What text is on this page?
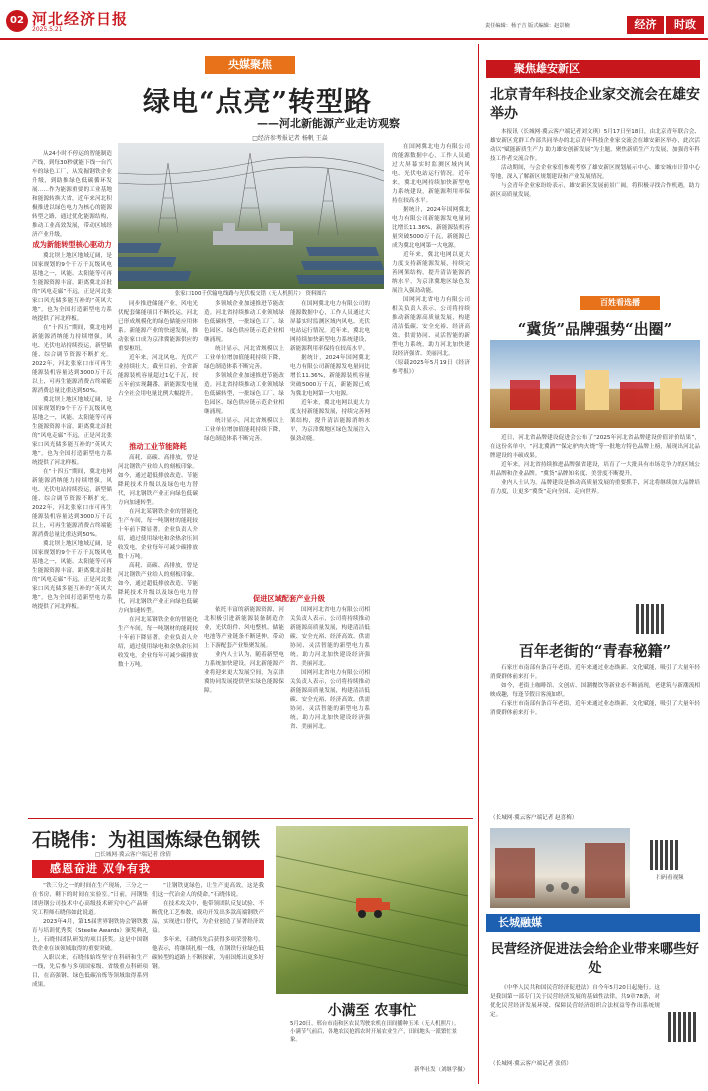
02 河北经济日报
2025.5.21	责任编辑：杨子吉 版式编辑：赵景楠	经济	时政
央媒聚焦
绿电“点亮”转型路
——河北新能源产业走访观察
□经济参考报记者 杨帆 王焱
张家口100千伏输电线路与光伏板交错（无人机照片） 资料图片

从24小时不停运的智能制造产线，到每30秒就能下线一台汽车的绿色工厂，从发掘钢铁企业升级，到助推绿色低碳循环发展……作为能源重要的工业基地和能源转换大省，近年来河北积极推进以绿色电力为核心的能源转型之路，通过优化能源结构，推动工业高效发展，带动区域经济产业升级。

成为新能转型核心驱动力

冀北坝上地区地域辽阔，是国家规划的9个千万千瓦级风电基地之一，风能、太阳能等可再生能源资源丰富。距离冀北首批的“风电走廊”不远，正是河北张家口风光储多能互补的“英风大地”，也为全国打造新型电力系统提供了河北样板。

在“十四五”期间，冀北电网新能源消纳能力持续增强，风电、光伏电站持续投运，新型储能、综合调节资源不断扩充。2022年，河北张家口市可再生能源装机容量达到3000万千瓦以上，可再生能源消费占终端能源消费总量比重达到50%。

冀北坝上地区地域辽阔，是国家规划的9个千万千瓦级风电基地之一，风能、太阳能等可再生能源资源丰富。距离冀北首批的“风电走廊”不远，正是河北张家口风光储多能互补的“英风大地”，也为全国打造新型电力系统提供了河北样板。

在“十四五”期间，冀北电网新能源消纳能力持续增强，风电、光伏电站持续投运，新型储能、综合调节资源不断扩充。2022年，河北张家口市可再生能源装机容量达到3000万千瓦以上，可再生能源消费占终端能源消费总量比重达到50%。

冀北坝上地区地域辽阔，是国家规划的9个千万千瓦级风电基地之一，风能、太阳能等可再生能源资源丰富。距离冀北首批的“风电走廊”不远，正是河北张家口风光储多能互补的“英风大地”，也为全国打造新型电力系统提供了河北样板。

同步推进储能产业，风电光伏配套储能项目不断投运，河北已形成规模化的绿色储能应用体系。新能源产业的快速发展，推动张家口成为京津冀能源供应的重要枢纽。

近年来，河北风电、光伏产业持续壮大。截至目前，全省新能源装机容量超过1亿千瓦，较五年前实现翻番，新能源发电量占全社会用电量比例大幅提升。

推动工业节能降耗

高耗、高碳、高排放，曾是河北钢铁产业给人的刻板印象。如今，通过超低排放改造、节能降耗技术升级以及绿色电力替代，河北钢铁产业正向绿色低碳方向加速转型。

在河北某钢铁企业的智能化生产车间，每一吨钢材的能耗较十年前下降显著。企业负责人介绍，通过使用绿电和余热余压回收发电，企业每年可减少碳排放数十万吨。

高耗、高碳、高排放，曾是河北钢铁产业给人的刻板印象。如今，通过超低排放改造、节能降耗技术升级以及绿色电力替代，河北钢铁产业正向绿色低碳方向加速转型。

在河北某钢铁企业的智能化生产车间，每一吨钢材的能耗较十年前下降显著。企业负责人介绍，通过使用绿电和余热余压回收发电，企业每年可减少碳排放数十万吨。

多领域企业加速推进节能改造。河北省持续推动工业领域绿色低碳转型，一批绿色工厂、绿色园区、绿色供应链示范企业相继涌现。

统计显示，河北省规模以上工业单位增加值能耗持续下降，绿色制造体系不断完善。

多领域企业加速推进节能改造。河北省持续推动工业领域绿色低碳转型，一批绿色工厂、绿色园区、绿色供应链示范企业相继涌现。

统计显示，河北省规模以上工业单位增加值能耗持续下降，绿色制造体系不断完善。

促进区域配套产业升级

依托丰富的新能源资源，河北积极引进新能源装备制造企业，光伏组件、风电整机、储能电池等产业链条不断延伸，带动上下游配套产业集聚发展。

业内人士认为，随着新型电力系统加快建设，河北新能源产业将迎来更大发展空间，为京津冀协同发展提供坚实绿色能源保障。

在国网冀北电力有限公司的能源数据中心，工作人员通过大屏幕实时监测区域内风电、光伏电站运行情况。近年来，冀北电网持续加快新型电力系统建设，新能源利用率保持在较高水平。

据统计，2024年国网冀北电力有限公司新能源发电量同比增长11.36%，新能源装机容量突破5000万千瓦，新能源已成为冀北电网第一大电源。

近年来，冀北电网以更大力度支持新能源发展，持续完善网架结构，提升清洁能源消纳水平，为京津冀地区绿色发展注入强劲动能。

国网河北省电力有限公司相关负责人表示，公司将持续推动新能源高质量发展，构建清洁低碳、安全充裕、经济高效、供需协同、灵活智能的新型电力系统，助力河北加快建设经济强省、美丽河北。

国网河北省电力有限公司相关负责人表示，公司将持续推动新能源高质量发展，构建清洁低碳、安全充裕、经济高效、供需协同、灵活智能的新型电力系统，助力河北加快建设经济强省、美丽河北。

在国网冀北电力有限公司的能源数据中心，工作人员通过大屏幕实时监测区域内风电、光伏电站运行情况。近年来，冀北电网持续加快新型电力系统建设，新能源利用率保持在较高水平。

据统计，2024年国网冀北电力有限公司新能源发电量同比增长11.36%，新能源装机容量突破5000万千瓦，新能源已成为冀北电网第一大电源。

近年来，冀北电网以更大力度支持新能源发展，持续完善网架结构，提升清洁能源消纳水平，为京津冀地区绿色发展注入强劲动能。

国网河北省电力有限公司相关负责人表示，公司将持续推动新能源高质量发展，构建清洁低碳、安全充裕、经济高效、供需协同、灵活智能的新型电力系统，助力河北加快建设经济强省、美丽河北。

（原载2025年5月19日《经济参考报》）

石晓伟：为祖国炼绿色钢铁
□长城网·冀云客户端记者 徐倩
感恩奋进 双争有我

“铁三分之一的时间在生产现场，三分之一在书房，剩下的时间在实验室。”日前，河钢集团唐钢公司技术中心高级技术研究中心产品研究工程师石晓伟如此说道。

2023年4月，第15届世界钢铁协会钢铁教育与培训优秀奖（Steelie Awards）颁奖典礼上，石晓伟团队研发的项目获奖。这是中国钢铁企业在该领域取得的重要突破。

入职以来，石晓伟始终坚守在科研和生产一线，先后参与多项国家级、省级重点科研项目，在高强钢、绿色低碳冶炼等领域取得系列成果。

“让钢铁更绿色，让生产更高效，这是我们这一代冶金人的使命。”石晓伟说。

在技术攻关中，他带领团队反复试验、不断优化工艺参数，成功开发出多款高端钢铁产品，实现进口替代，为企业创造了显著经济效益。

多年来，石晓伟先后获得多项荣誉称号。他表示，将继续扎根一线，在钢铁行业绿色低碳转型的道路上不断探索，为祖国炼出更多好钢。

小满至 农事忙
5月20日，邢台市南和区农民驾驶农机在田间播种玉米（无人机照片）。小满节气前后，各地农民抢抓农时开展农业生产，田间地头一派繁忙景象。
新华社发（刘继学摄）
聚焦雄安新区
北京青年科技企业家交流会在雄安举办

本报讯（长城网·冀云客户端记者刘文琪）5月17日至18日，由北京青年联合会、雄安新区党群工作部共同举办的北京青年科技企业家交流会在雄安新区举办，此次活动以“赋能新质生产力 助力雄安创新发展”为主题，聚焦新质生产力发展，加强青年科技工作者交流合作。

活动期间，与会企业家们参观考察了雄安新区规划展示中心、雄安城市计算中心等地，深入了解新区规划建设和产业发展情况。

与会青年企业家纷纷表示，雄安新区发展前景广阔，将积极寻找合作机遇，助力新区高质量发展。

百姓看选播
“冀货”品牌强势“出圈”

近日，河北省品牌建设促进会公布了“2025年河北省品牌建设价值评价结果”，在这份名单中，“河北冀酒”“保定驴肉火烧”等一批地方特色品牌上榜，展现出河北品牌建设的丰硕成果。

近年来，河北省持续推进品牌强省建设，培育了一大批具有市场竞争力的区域公用品牌和企业品牌。“冀货”品牌知名度、美誉度不断提升。

业内人士认为，品牌建设是推动高质量发展的重要抓手，河北将继续加大品牌培育力度，让更多“冀货”走向全国、走向世界。

百年老街的“青春秘籍”

石家庄市南部有条百年老街，近年来通过业态焕新、文化赋能，吸引了大量年轻消费群体前来打卡。

如今，老街上咖啡馆、文创店、国潮餐饮等新业态不断涌现，老建筑与新潮流相映成趣，每逢节假日客流如织。

石家庄市南部有条百年老街，近年来通过业态焕新、文化赋能，吸引了大量年轻消费群体前来打卡。

（长城网·冀云客户端记者 赵喜梅）
扫码看视频
长城融媒
民营经济促进法会给企业带来哪些好处

《中华人民共和国民营经济促进法》自今年5月20日起施行。这是我国第一部专门关于民营经济发展的基础性法律，共9章78条，对优化民营经济发展环境、保障民营经济组织合法权益等作出系统规定。

（长城网·冀云客户端记者 张倩）
